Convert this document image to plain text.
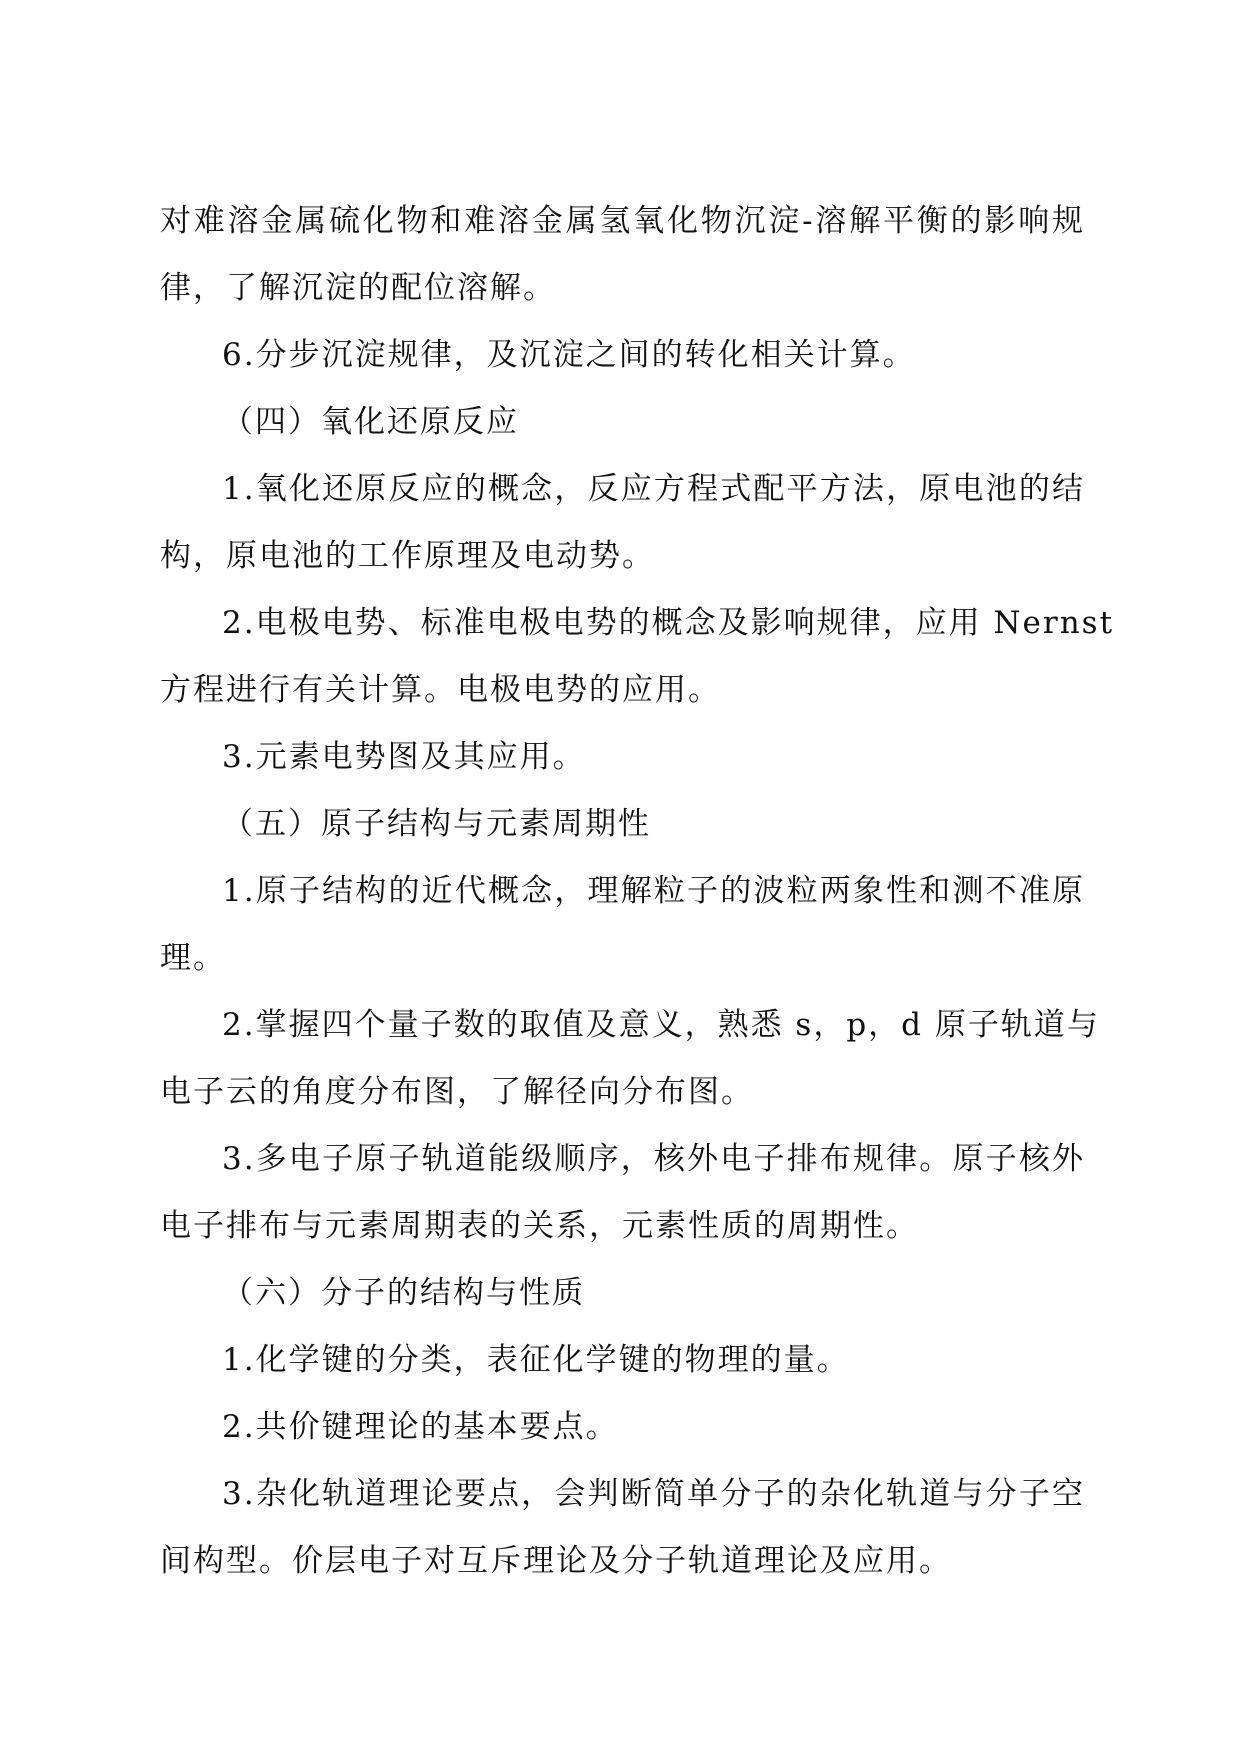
对难溶金属硫化物和难溶金属氢氧化物沉淀-溶解平衡的影响规
律，了解沉淀的配位溶解。
6.分步沉淀规律，及沉淀之间的转化相关计算。
（四）氧化还原反应
1.氧化还原反应的概念，反应方程式配平方法，原电池的结
构，原电池的工作原理及电动势。
2.电极电势、标准电极电势的概念及影响规律，应用 Nernst
方程进行有关计算。电极电势的应用。
3.元素电势图及其应用。
（五）原子结构与元素周期性
1.原子结构的近代概念，理解粒子的波粒两象性和测不准原
理。
2.掌握四个量子数的取值及意义，熟悉 s，p，d 原子轨道与
电子云的角度分布图，了解径向分布图。
3.多电子原子轨道能级顺序，核外电子排布规律。原子核外
电子排布与元素周期表的关系，元素性质的周期性。
（六）分子的结构与性质
1.化学键的分类，表征化学键的物理的量。
2.共价键理论的基本要点。
3.杂化轨道理论要点，会判断简单分子的杂化轨道与分子空
间构型。价层电子对互斥理论及分子轨道理论及应用。
